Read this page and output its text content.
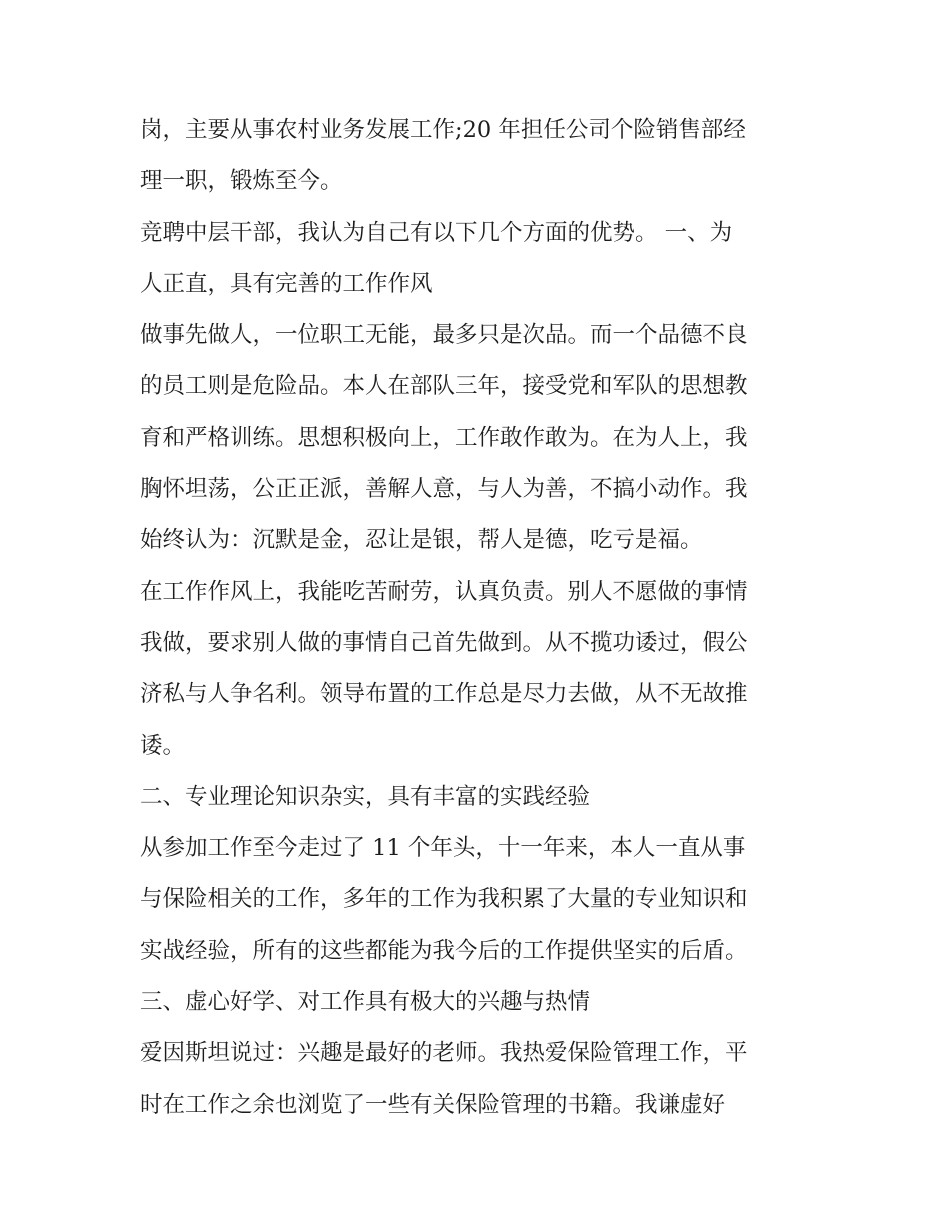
岗，主要从事农村业务发展工作;20 年担任公司个险销售部经
理一职，锻炼至今。
竞聘中层干部，我认为自己有以下几个方面的优势。 一、为
人正直，具有完善的工作作风
做事先做人，一位职工无能，最多只是次品。而一个品德不良
的员工则是危险品。本人在部队三年，接受党和军队的思想教
育和严格训练。思想积极向上，工作敢作敢为。在为人上，我
胸怀坦荡，公正正派，善解人意，与人为善，不搞小动作。我
始终认为：沉默是金，忍让是银，帮人是德，吃亏是福。
在工作作风上，我能吃苦耐劳，认真负责。别人不愿做的事情
我做，要求别人做的事情自己首先做到。从不揽功诿过，假公
济私与人争名利。领导布置的工作总是尽力去做，从不无故推
诿。
二、专业理论知识杂实，具有丰富的实践经验
从参加工作至今走过了 11 个年头，十一年来，本人一直从事
与保险相关的工作，多年的工作为我积累了大量的专业知识和
实战经验，所有的这些都能为我今后的工作提供坚实的后盾。
三、虚心好学、对工作具有极大的兴趣与热情
爱因斯坦说过：兴趣是最好的老师。我热爱保险管理工作，平
时在工作之余也浏览了一些有关保险管理的书籍。我谦虚好
